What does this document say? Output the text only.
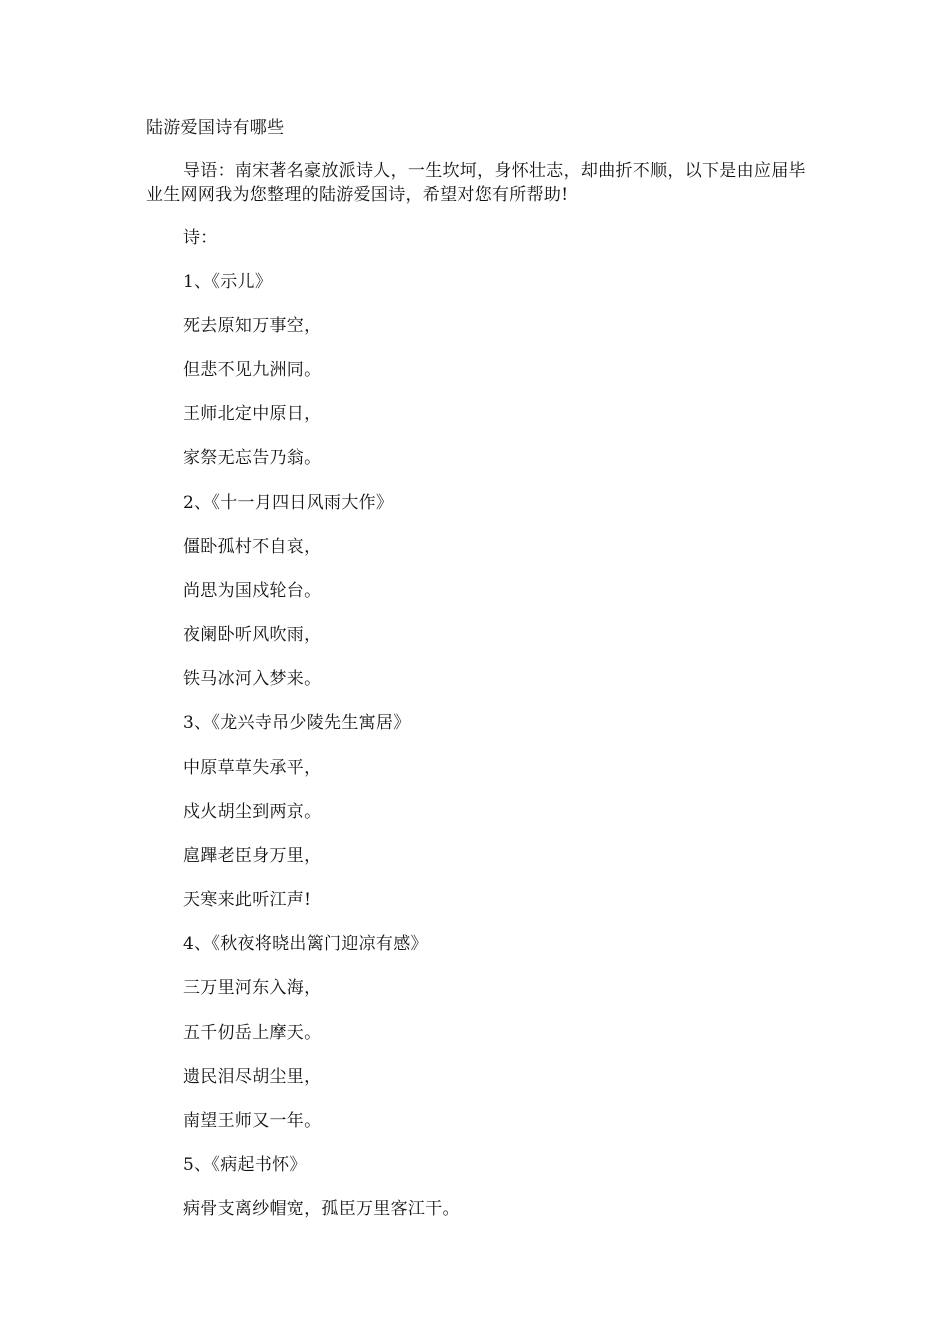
陆游爱国诗有哪些
导语：南宋著名豪放派诗人，一生坎坷，身怀壮志，却曲折不顺，以下是由应届毕业生网网我为您整理的陆游爱国诗，希望对您有所帮助!
诗：
1、《示儿》
死去原知万事空，
但悲不见九洲同。
王师北定中原日，
家祭无忘告乃翁。
2、《十一月四日风雨大作》
僵卧孤村不自哀，
尚思为国戍轮台。
夜阑卧听风吹雨，
铁马冰河入梦来。
3、《龙兴寺吊少陵先生寓居》
中原草草失承平，
戍火胡尘到两京。
扈蹕老臣身万里，
天寒来此听江声!
4、《秋夜将晓出篱门迎凉有感》
三万里河东入海，
五千仞岳上摩天。
遗民泪尽胡尘里，
南望王师又一年。
5、《病起书怀》
病骨支离纱帽宽，孤臣万里客江干。
